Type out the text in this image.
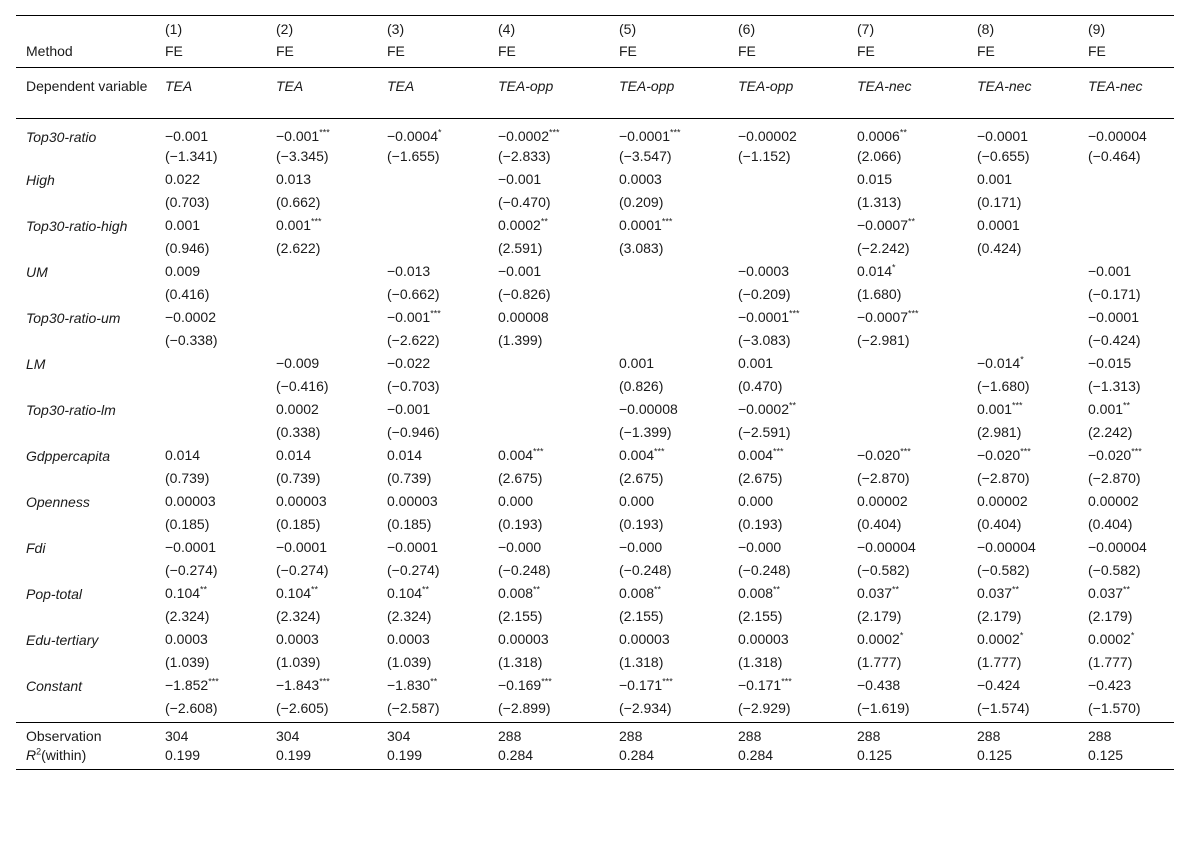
	(1)	(2)	(3)	(4)	(5)	(6)	(7)	(8)	(9)
Method	FE	FE	FE	FE	FE	FE	FE	FE	FE
Dependent variable	TEA	TEA	TEA	TEA-opp	TEA-opp	TEA-opp	TEA-nec	TEA-nec	TEA-nec
Top30-ratio	−0.001	−0.001***	−0.0004*	−0.0002***	−0.0001***	−0.00002	0.0006**	−0.0001	−0.00004
	(−1.341)	(−3.345)	(−1.655)	(−2.833)	(−3.547)	(−1.152)	(2.066)	(−0.655)	(−0.464)
High	0.022	0.013		−0.001	0.0003		0.015	0.001	
	(0.703)	(0.662)		(−0.470)	(0.209)		(1.313)	(0.171)	
Top30-ratio-high	0.001	0.001***		0.0002**	0.0001***		−0.0007**	0.0001	
	(0.946)	(2.622)		(2.591)	(3.083)		(−2.242)	(0.424)	
UM	0.009		−0.013	−0.001		−0.0003	0.014*		−0.001
	(0.416)		(−0.662)	(−0.826)		(−0.209)	(1.680)		(−0.171)
Top30-ratio-um	−0.0002		−0.001***	0.00008		−0.0001***	−0.0007***		−0.0001
	(−0.338)		(−2.622)	(1.399)		(−3.083)	(−2.981)		(−0.424)
LM		−0.009	−0.022		0.001	0.001		−0.014*	−0.015
		(−0.416)	(−0.703)		(0.826)	(0.470)		(−1.680)	(−1.313)
Top30-ratio-lm		0.0002	−0.001		−0.00008	−0.0002**		0.001***	0.001**
		(0.338)	(−0.946)		(−1.399)	(−2.591)		(2.981)	(2.242)
Gdppercapita	0.014	0.014	0.014	0.004***	0.004***	0.004***	−0.020***	−0.020***	−0.020***
	(0.739)	(0.739)	(0.739)	(2.675)	(2.675)	(2.675)	(−2.870)	(−2.870)	(−2.870)
Openness	0.00003	0.00003	0.00003	0.000	0.000	0.000	0.00002	0.00002	0.00002
	(0.185)	(0.185)	(0.185)	(0.193)	(0.193)	(0.193)	(0.404)	(0.404)	(0.404)
Fdi	−0.0001	−0.0001	−0.0001	−0.000	−0.000	−0.000	−0.00004	−0.00004	−0.00004
	(−0.274)	(−0.274)	(−0.274)	(−0.248)	(−0.248)	(−0.248)	(−0.582)	(−0.582)	(−0.582)
Pop-total	0.104**	0.104**	0.104**	0.008**	0.008**	0.008**	0.037**	0.037**	0.037**
	(2.324)	(2.324)	(2.324)	(2.155)	(2.155)	(2.155)	(2.179)	(2.179)	(2.179)
Edu-tertiary	0.0003	0.0003	0.0003	0.00003	0.00003	0.00003	0.0002*	0.0002*	0.0002*
	(1.039)	(1.039)	(1.039)	(1.318)	(1.318)	(1.318)	(1.777)	(1.777)	(1.777)
Constant	−1.852***	−1.843***	−1.830**	−0.169***	−0.171***	−0.171***	−0.438	−0.424	−0.423
	(−2.608)	(−2.605)	(−2.587)	(−2.899)	(−2.934)	(−2.929)	(−1.619)	(−1.574)	(−1.570)
Observation	304	304	304	288	288	288	288	288	288
$R^2(within)$	0.199	0.199	0.199	0.284	0.284	0.284	0.125	0.125	0.125
